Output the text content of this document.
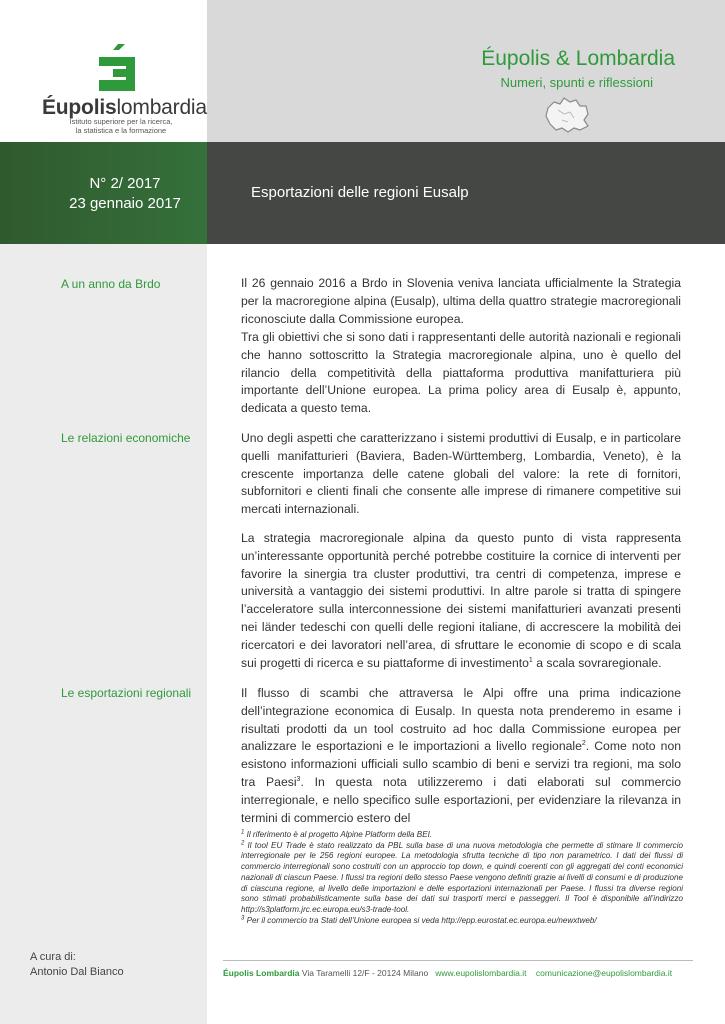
Éupolislombardia
Istituto superiore per la ricerca,
la statistica e la formazione
Éupolis & Lombardia
Numeri, spunti e riflessioni
N° 2/ 2017
23 gennaio 2017
Esportazioni delle regioni Eusalp
A un anno da Brdo
Le relazioni economiche
Le esportazioni regionali

Il 26 gennaio 2016 a Brdo in Slovenia veniva lanciata ufficialmente la Strategia per la macroregione alpina (Eusalp), ultima della quattro strategie macroregionali riconosciute dalla Commissione europea.

Tra gli obiettivi che si sono dati i rappresentanti delle autorità nazionali e regionali che hanno sottoscritto la Strategia macroregionale alpina, uno è quello del rilancio della competitività della piattaforma produttiva manifatturiera più importante dell’Unione europea. La prima policy area di Eusalp è, appunto, dedicata a questo tema.

Uno degli aspetti che caratterizzano i sistemi produttivi di Eusalp, e in particolare quelli manifatturieri (Baviera, Baden-Württemberg, Lombardia, Veneto), è la crescente importanza delle catene globali del valore: la rete di fornitori, subfornitori e clienti finali che consente alle imprese di rimanere competitive sui mercati internazionali.

La strategia macroregionale alpina da questo punto di vista rappresenta un’interessante opportunità perché potrebbe costituire la cornice di interventi per favorire la sinergia tra cluster produttivi, tra centri di competenza, imprese e università a vantaggio dei sistemi produttivi. In altre parole si tratta di spingere l’acceleratore sulla interconnessione dei sistemi manifatturieri avanzati presenti nei länder tedeschi con quelli delle regioni italiane, di accrescere la mobilità dei ricercatori e dei lavoratori nell’area, di sfruttare le economie di scopo e di scala sui progetti di ricerca e su piattaforme di investimento$^1$ a scala sovraregionale.

Il flusso di scambi che attraversa le Alpi offre una prima indicazione dell’integrazione economica di Eusalp. In questa nota prenderemo in esame i risultati prodotti da un tool costruito ad hoc dalla Commissione europea per analizzare le esportazioni e le importazioni a livello regionale$^2$. Come noto non esistono informazioni ufficiali sullo scambio di beni e servizi tra regioni, ma solo tra Paesi$^3$. In questa nota utilizzeremo i dati elaborati sul commercio interregionale, e nello specifico sulle esportazioni, per evidenziare la rilevanza in termini di commercio estero del

$^1$ Il riferimento è al progetto Alpine Platform della BEI.

$^2$ Il tool EU Trade è stato realizzato da PBL sulla base di una nuova metodologia che permette di stimare Il commercio interregionale per le 256 regioni europee. La metodologia sfrutta tecniche di tipo non parametrico. I dati dei flussi di commercio interregionali sono costruiti con un approccio top down, e quindi coerenti con gli aggregati dei conti economici nazionali di ciascun Paese. I flussi tra regioni dello stesso Paese vengono definiti grazie ai livelli di consumi e di produzione di ciascuna regione, al livello delle importazioni e delle esportazioni internazionali per Paese. I flussi tra diverse regioni sono stimati probabilisticamente sulla base dei dati sui trasporti merci e passeggeri. Il Tool è disponibile all’indirizzo http://s3platform.jrc.ec.europa.eu/s3-trade-tool.

$^3$ Per il commercio tra Stati dell’Unione europea si veda http://epp.eurostat.ec.europa.eu/newxtweb/

A cura di:
Antonio Dal Bianco	Éupolis Lombardia Via Taramelli 12/F - 20124 Milano www.eupolislombardia.it comunicazione@eupolislombardia.it
